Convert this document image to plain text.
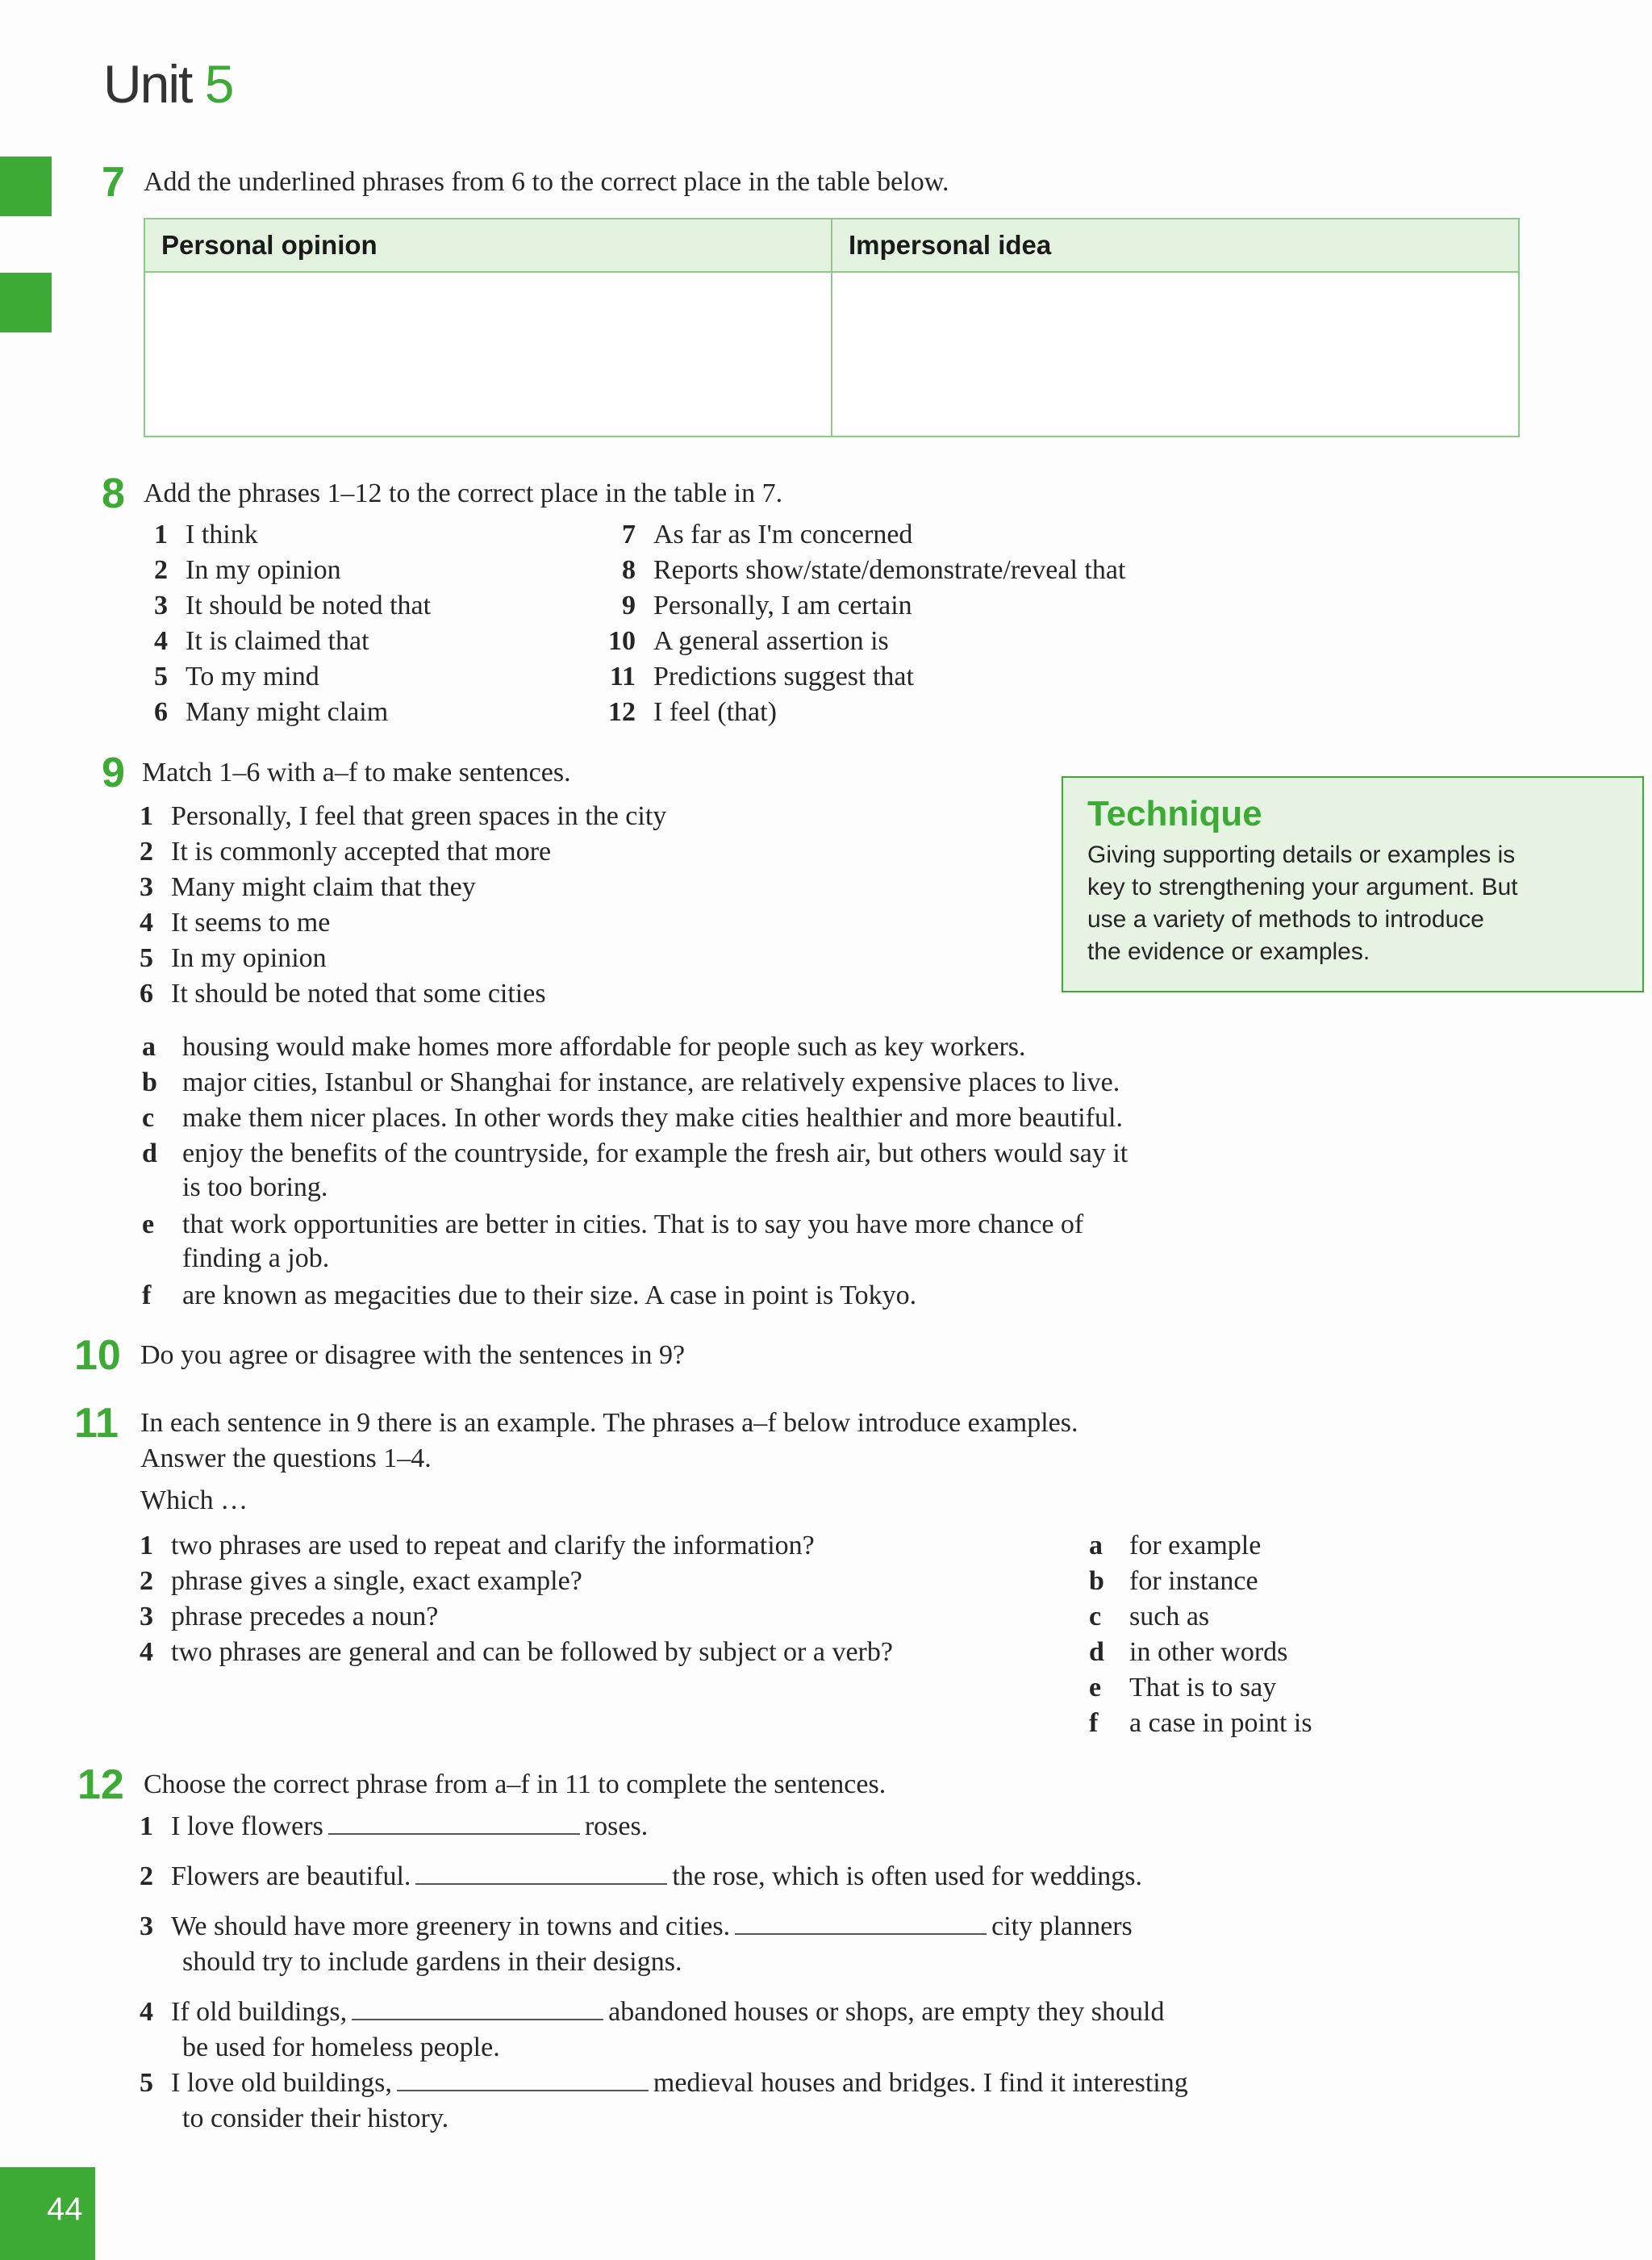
Unit 5
7 Add the underlined phrases from 6 to the correct place in the table below.
Personal opinion	Impersonal idea

8 Add the phrases 1–12 to the correct place in the table in 7.
1 I think
2 In my opinion
3 It should be noted that
4 It is claimed that
5 To my mind
6 Many might claim
7 As far as I'm concerned
8 Reports show/state/demonstrate/reveal that
9 Personally, I am certain
10 A general assertion is
11 Predictions suggest that
12 I feel (that)
9 Match 1–6 with a–f to make sentences.
1 Personally, I feel that green spaces in the city
2 It is commonly accepted that more
3 Many might claim that they
4 It seems to me
5 In my opinion
6 It should be noted that some cities
Technique

Giving supporting details or examples is
key to strengthening your argument. But
use a variety of methods to introduce
the evidence or examples.

a housing would make homes more affordable for people such as key workers.
b major cities, Istanbul or Shanghai for instance, are relatively expensive places to live.
c make them nicer places. In other words they make cities healthier and more beautiful.
d enjoy the benefits of the countryside, for example the fresh air, but others would say it
is too boring.
e that work opportunities are better in cities. That is to say you have more chance of
finding a job.
f are known as megacities due to their size. A case in point is Tokyo.
10 Do you agree or disagree with the sentences in 9?
11 In each sentence in 9 there is an example. The phrases a–f below introduce examples.
Answer the questions 1–4.
Which …
1 two phrases are used to repeat and clarify the information?
2 phrase gives a single, exact example?
3 phrase precedes a noun?
4 two phrases are general and can be followed by subject or a verb?
a for example
b for instance
c such as
d in other words
e That is to say
f a case in point is
12 Choose the correct phrase from a–f in 11 to complete the sentences.
1 I love flowers	roses.
2 Flowers are beautiful.	the rose, which is often used for weddings.
3 We should have more greenery in towns and cities.	city planners
should try to include gardens in their designs.
4 If old buildings,	abandoned houses or shops, are empty they should
be used for homeless people.
5 I love old buildings,	medieval houses and bridges. I find it interesting
to consider their history.
44
